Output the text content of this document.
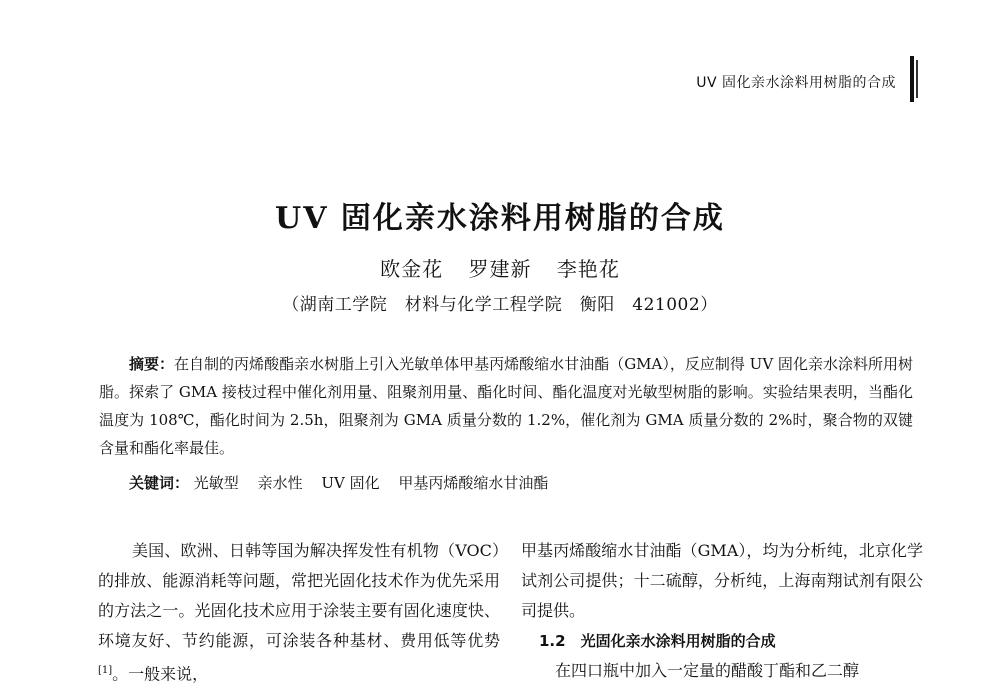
UV 固化亲水涂料用树脂的合成
UV 固化亲水涂料用树脂的合成
欧金花 罗建新 李艳花
（湖南工学院　材料与化学工程学院　衡阳　421002）
摘要：在自制的丙烯酸酯亲水树脂上引入光敏单体甲基丙烯酸缩水甘油酯（GMA），反应制得 UV 固化亲水涂料所用树脂。探索了 GMA 接枝过程中催化剂用量、阻聚剂用量、酯化时间、酯化温度对光敏型树脂的影响。实验结果表明，当酯化温度为 108℃，酯化时间为 2.5h，阻聚剂为 GMA 质量分数的 1.2%，催化剂为 GMA 质量分数的 2%时，聚合物的双键含量和酯化率最佳。
关键词： 光敏型 亲水性 UV 固化 甲基丙烯酸缩水甘油酯

美国、欧洲、日韩等国为解决挥发性有机物（VOC）的排放、能源消耗等问题，常把光固化技术作为优先采用的方法之一。光固化技术应用于涂装主要有固化速度快、环境友好、节约能源，可涂装各种基材、费用低等优势[1]。一般来说，

甲基丙烯酸缩水甘油酯（GMA），均为分析纯，北京化学试剂公司提供；十二硫醇，分析纯，上海南翔试剂有限公司提供。

1.2　光固化亲水涂料用树脂的合成

在四口瓶中加入一定量的醋酸丁酯和乙二醇
